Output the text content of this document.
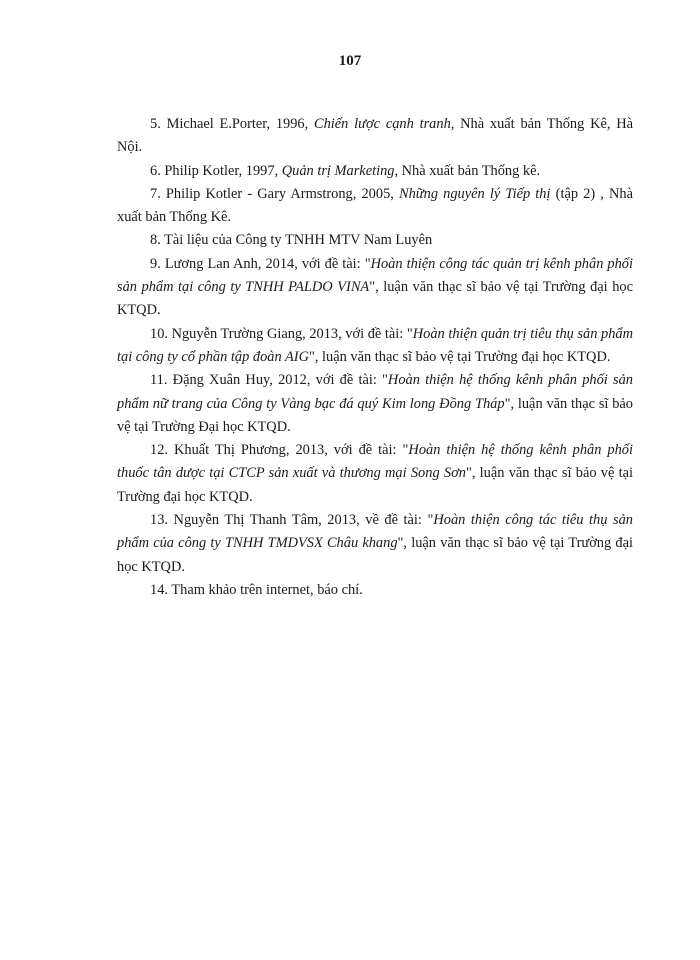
107

5. Michael E.Porter, 1996, Chiến lược cạnh tranh, Nhà xuất bản Thống Kê, Hà Nội.

6. Philip Kotler, 1997, Quản trị Marketing, Nhà xuất bản Thống kê.

7. Philip Kotler - Gary Armstrong, 2005, Những nguyên lý Tiếp thị (tập 2) , Nhà xuất bản Thống Kê.

8. Tài liệu của Công ty TNHH MTV Nam Luyên

9. Lương Lan Anh, 2014, với đề tài: "Hoàn thiện công tác quản trị kênh phân phối sản phẩm tại công ty TNHH PALDO VINA", luận văn thạc sĩ bảo vệ tại Trường đại học KTQD.

10. Nguyễn Trường Giang, 2013, với đề tài: "Hoàn thiện quản trị tiêu thụ sản phẩm tại công ty cổ phần tập đoàn AIG", luận văn thạc sĩ bảo vệ tại Trường đại học KTQD.

11. Đặng Xuân Huy, 2012, với đề tài: "Hoàn thiện hệ thống kênh phân phối sản phẩm nữ trang của Công ty Vàng bạc đá quý Kim long Đồng Tháp", luận văn thạc sĩ bảo vệ tại Trường Đại học KTQD.

12. Khuất Thị Phương, 2013, với đề tài: "Hoàn thiện hệ thống kênh phân phối thuốc tân dược tại CTCP sản xuất và thương mại Song Sơn", luận văn thạc sĩ bảo vệ tại Trường đại học KTQD.

13. Nguyễn Thị Thanh Tâm, 2013, về đề tài: "Hoàn thiện công tác tiêu thụ sản phẩm của công ty TNHH TMDVSX Châu khang", luận văn thạc sĩ bảo vệ tại Trường đại học KTQD.

14. Tham khảo trên internet, báo chí.
